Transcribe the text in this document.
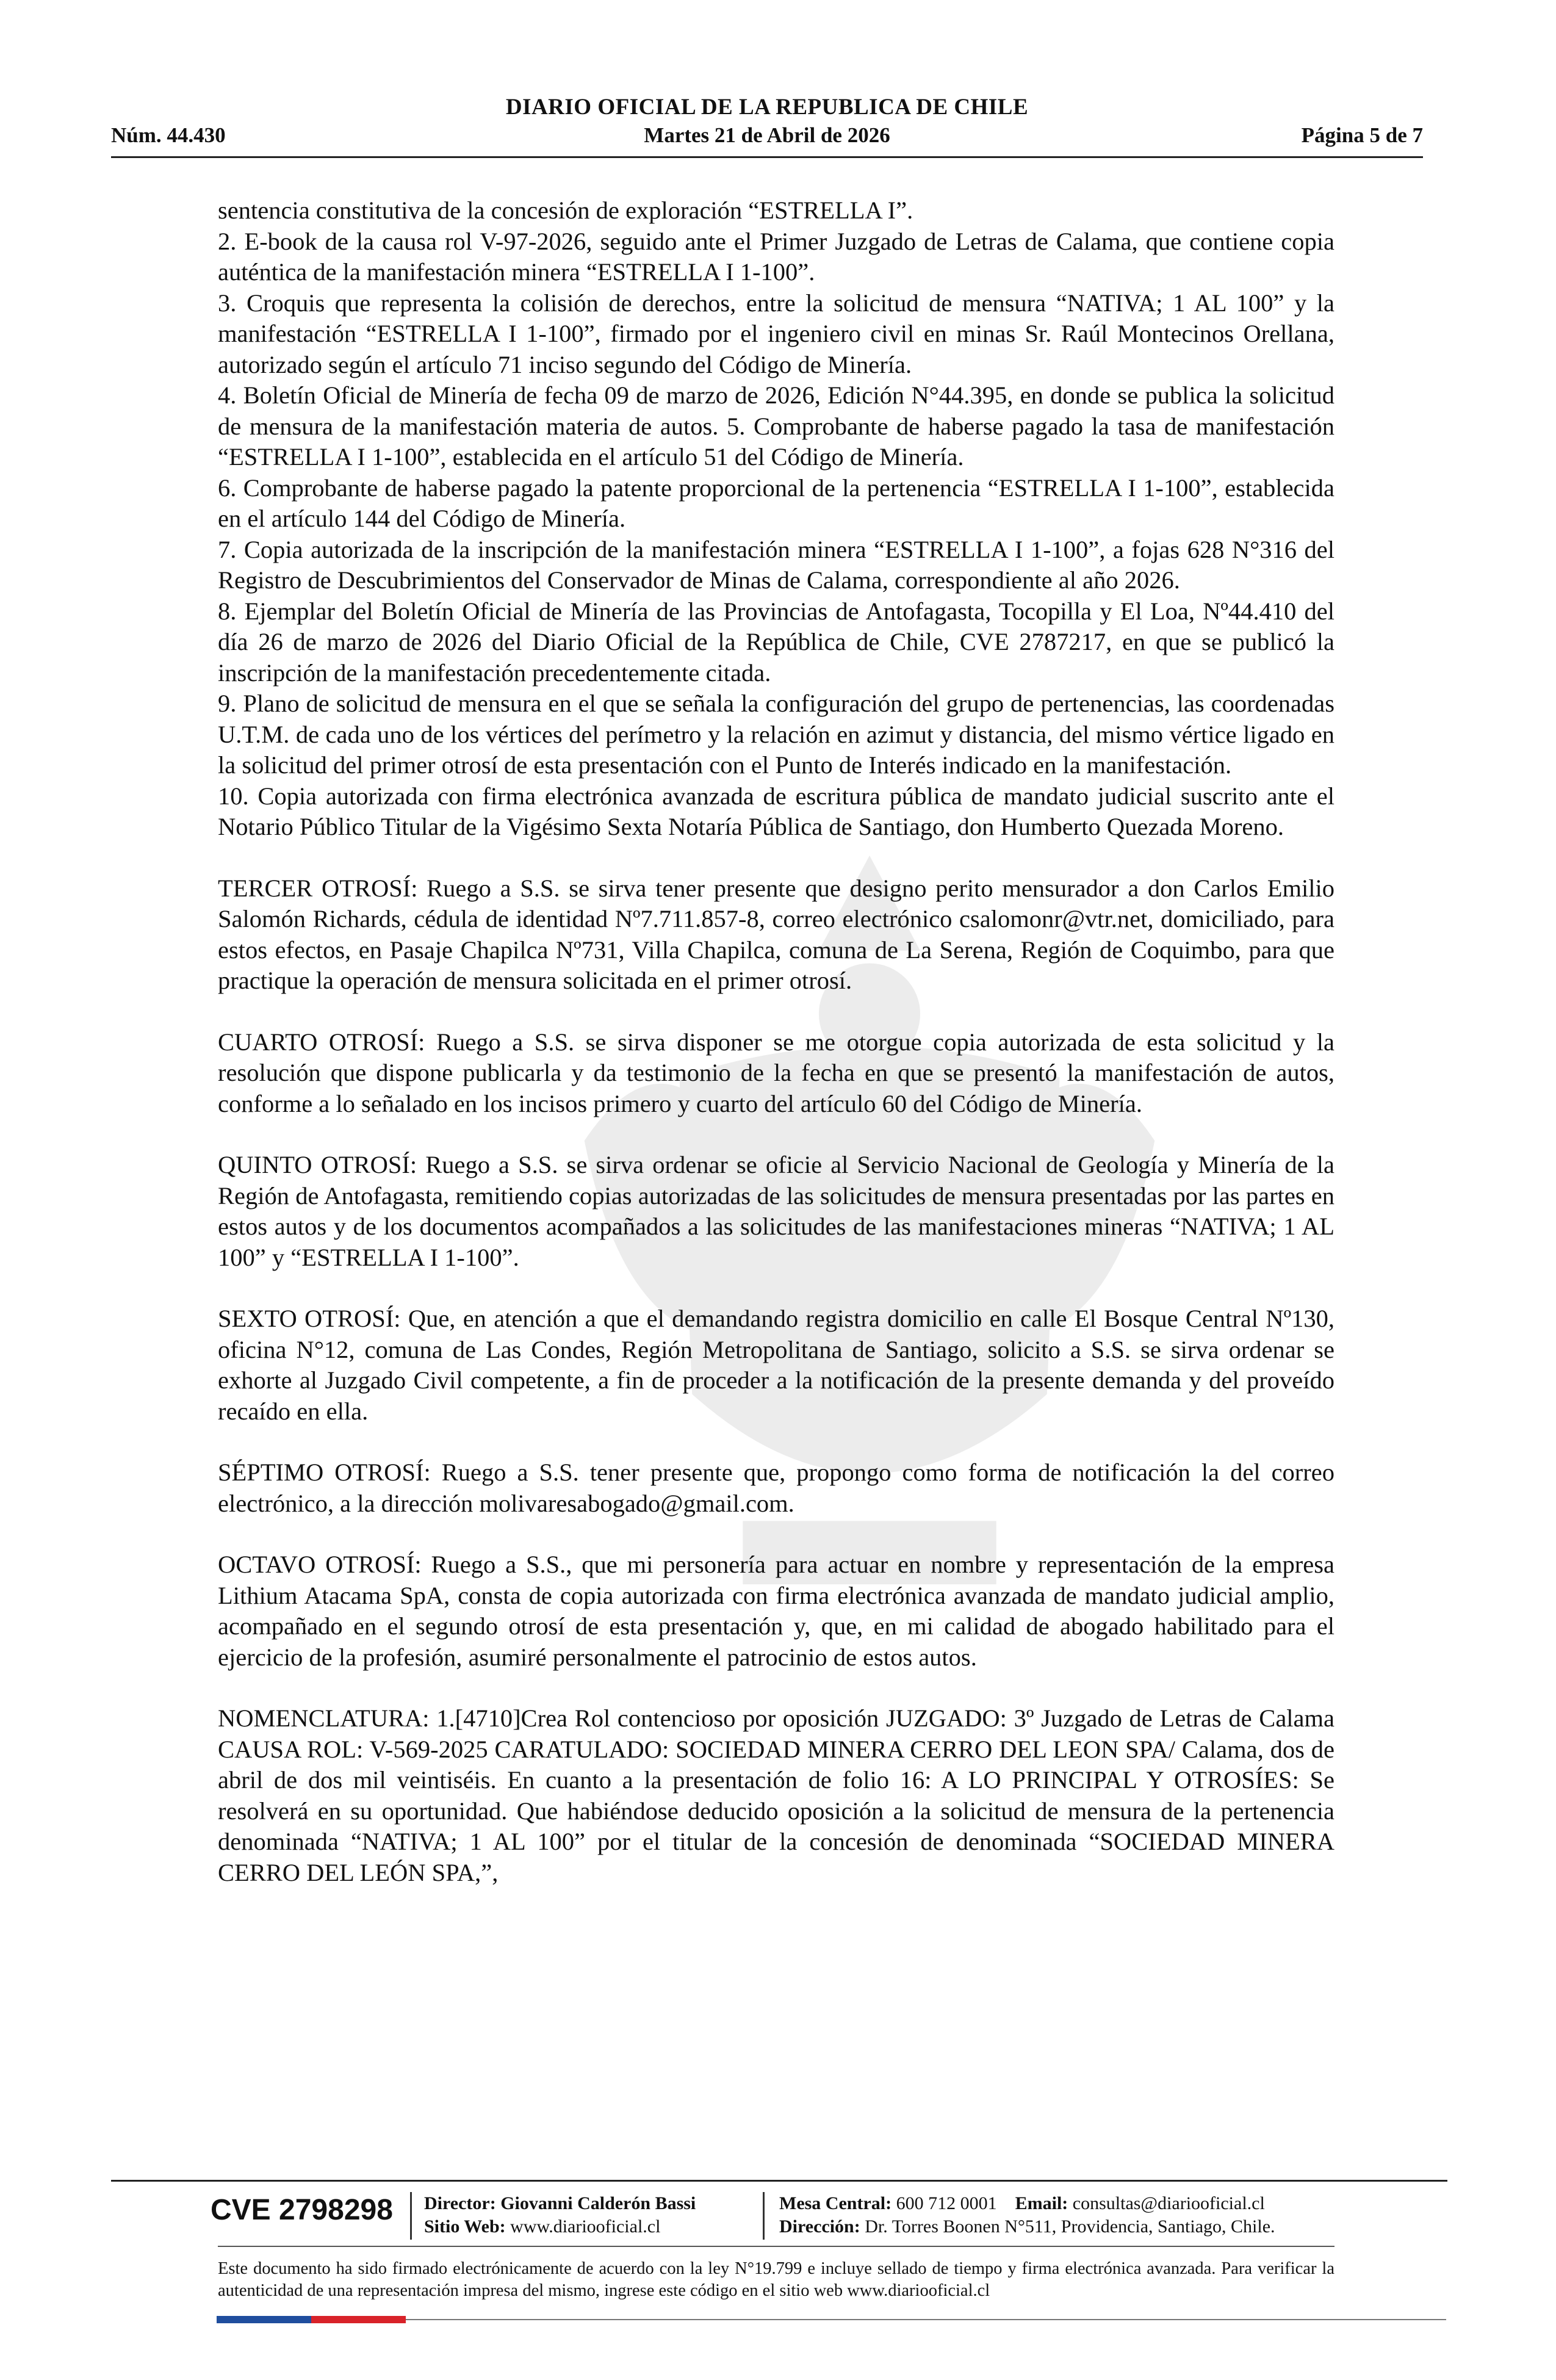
DIARIO OFICIAL DE LA REPUBLICA DE CHILE
Núm. 44.430	Martes 21 de Abril de 2026	Página 5 de 7

sentencia constitutiva de la concesión de exploración “ESTRELLA I”.

2. E-book de la causa rol V-97-2026, seguido ante el Primer Juzgado de Letras de Calama, que contiene copia auténtica de la manifestación minera “ESTRELLA I 1-100”.

3. Croquis que representa la colisión de derechos, entre la solicitud de mensura “NATIVA; 1 AL 100” y la manifestación “ESTRELLA I 1-100”, firmado por el ingeniero civil en minas Sr. Raúl Montecinos Orellana, autorizado según el artículo 71 inciso segundo del Código de Minería.

4. Boletín Oficial de Minería de fecha 09 de marzo de 2026, Edición N°44.395, en donde se publica la solicitud de mensura de la manifestación materia de autos. 5. Comprobante de haberse pagado la tasa de manifestación “ESTRELLA I 1-100”, establecida en el artículo 51 del Código de Minería.

6. Comprobante de haberse pagado la patente proporcional de la pertenencia “ESTRELLA I 1-100”, establecida en el artículo 144 del Código de Minería.

7. Copia autorizada de la inscripción de la manifestación minera “ESTRELLA I 1-100”, a fojas 628 N°316 del Registro de Descubrimientos del Conservador de Minas de Calama, correspondiente al año 2026.

8. Ejemplar del Boletín Oficial de Minería de las Provincias de Antofagasta, Tocopilla y El Loa, Nº44.410 del día 26 de marzo de 2026 del Diario Oficial de la República de Chile, CVE 2787217, en que se publicó la inscripción de la manifestación precedentemente citada.

9. Plano de solicitud de mensura en el que se señala la configuración del grupo de pertenencias, las coordenadas U.T.M. de cada uno de los vértices del perímetro y la relación en azimut y distancia, del mismo vértice ligado en la solicitud del primer otrosí de esta presentación con el Punto de Interés indicado en la manifestación.

10. Copia autorizada con firma electrónica avanzada de escritura pública de mandato judicial suscrito ante el Notario Público Titular de la Vigésimo Sexta Notaría Pública de Santiago, don Humberto Quezada Moreno.

TERCER OTROSÍ: Ruego a S.S. se sirva tener presente que designo perito mensurador a don Carlos Emilio Salomón Richards, cédula de identidad Nº7.711.857-8, correo electrónico csalomonr@vtr.net, domiciliado, para estos efectos, en Pasaje Chapilca Nº731, Villa Chapilca, comuna de La Serena, Región de Coquimbo, para que practique la operación de mensura solicitada en el primer otrosí.

CUARTO OTROSÍ: Ruego a S.S. se sirva disponer se me otorgue copia autorizada de esta solicitud y la resolución que dispone publicarla y da testimonio de la fecha en que se presentó la manifestación de autos, conforme a lo señalado en los incisos primero y cuarto del artículo 60 del Código de Minería.

QUINTO OTROSÍ: Ruego a S.S. se sirva ordenar se oficie al Servicio Nacional de Geología y Minería de la Región de Antofagasta, remitiendo copias autorizadas de las solicitudes de mensura presentadas por las partes en estos autos y de los documentos acompañados a las solicitudes de las manifestaciones mineras “NATIVA; 1 AL 100” y “ESTRELLA I 1-100”.

SEXTO OTROSÍ: Que, en atención a que el demandando registra domicilio en calle El Bosque Central Nº130, oficina N°12, comuna de Las Condes, Región Metropolitana de Santiago, solicito a S.S. se sirva ordenar se exhorte al Juzgado Civil competente, a fin de proceder a la notificación de la presente demanda y del proveído recaído en ella.

SÉPTIMO OTROSÍ: Ruego a S.S. tener presente que, propongo como forma de notificación la del correo electrónico, a la dirección molivaresabogado@gmail.com.

OCTAVO OTROSÍ: Ruego a S.S., que mi personería para actuar en nombre y representación de la empresa Lithium Atacama SpA, consta de copia autorizada con firma electrónica avanzada de mandato judicial amplio, acompañado en el segundo otrosí de esta presentación y, que, en mi calidad de abogado habilitado para el ejercicio de la profesión, asumiré personalmente el patrocinio de estos autos.

NOMENCLATURA: 1.[4710]Crea Rol contencioso por oposición JUZGADO: 3º Juzgado de Letras de Calama CAUSA ROL: V-569-2025 CARATULADO: SOCIEDAD MINERA CERRO DEL LEON SPA/ Calama, dos de abril de dos mil veintiséis. En cuanto a la presentación de folio 16: A LO PRINCIPAL Y OTROSÍES: Se resolverá en su oportunidad. Que habiéndose deducido oposición a la solicitud de mensura de la pertenencia denominada “NATIVA; 1 AL 100” por el titular de la concesión de denominada “SOCIEDAD MINERA CERRO DEL LEÓN SPA,”,

CVE 2798298 Director: Giovanni Calderón Bassi
Sitio Web: www.diariooficial.cl
Mesa Central: 600 712 0001 Email: consultas@diariooficial.cl
Dirección: Dr. Torres Boonen N°511, Providencia, Santiago, Chile.
Este documento ha sido firmado electrónicamente de acuerdo con la ley N°19.799 e incluye sellado de tiempo y firma electrónica avanzada. Para verificar la autenticidad de una representación impresa del mismo, ingrese este código en el sitio web www.diariooficial.cl
